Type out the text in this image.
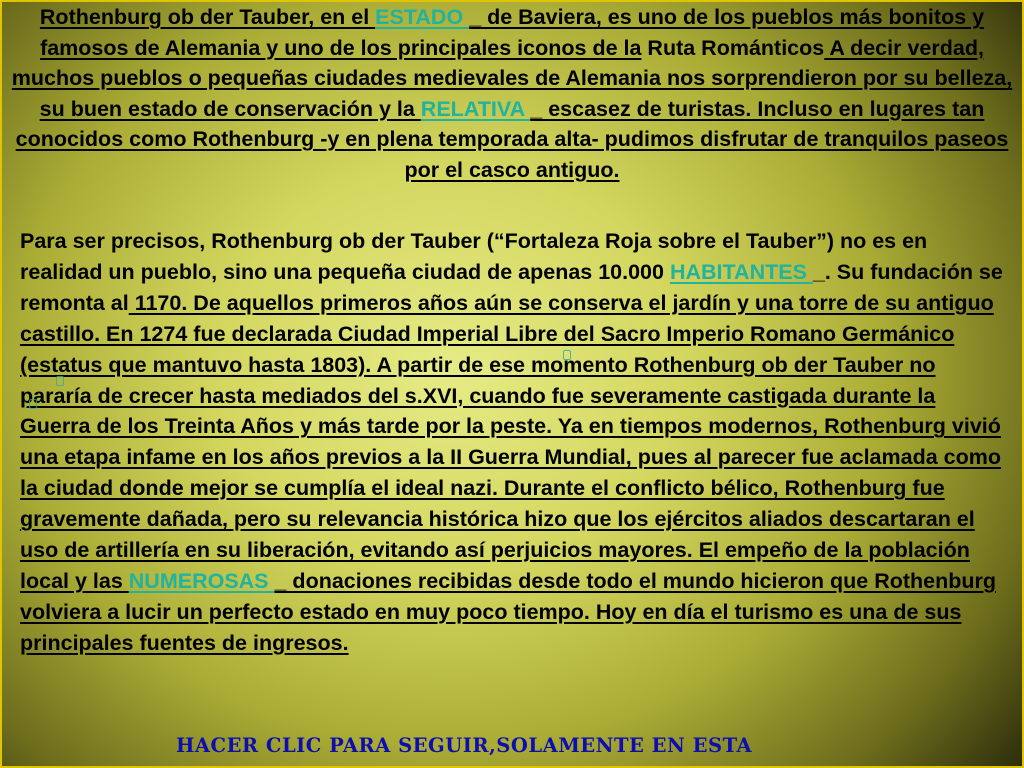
Rothenburg ob der Tauber, en el ESTADO _ de Baviera, es uno de los pueblos más bonitos y famosos de Alemania y uno de los principales iconos de la Ruta Románticos A decir verdad, muchos pueblos o pequeñas ciudades medievales de Alemania nos sorprendieron por su belleza, su buen estado de conservación y la RELATIVA _ escasez de turistas. Incluso en lugares tan conocidos como Rothenburg -y en plena temporada alta- pudimos disfrutar de tranquilos paseos por el casco antiguo.

Para ser precisos, Rothenburg ob der Tauber (“Fortaleza Roja sobre el Tauber”) no es en realidad un pueblo, sino una pequeña ciudad de apenas 10.000 HABITANTES _. Su fundación se remonta al 1170. De aquellos primeros años aún se conserva el jardín y una torre de su antiguo castillo. En 1274 fue declarada Ciudad Imperial Libre del Sacro Imperio Romano Germánico (estatus que mantuvo hasta 1803). A partir de ese momento Rothenburg ob der Tauber no pararía de crecer hasta mediados del s.XVI, cuando fue severamente castigada durante la Guerra de los Treinta Años y más tarde por la peste. Ya en tiempos modernos, Rothenburg vivió una etapa infame en los años previos a la II Guerra Mundial, pues al parecer fue aclamada como la ciudad donde mejor se cumplía el ideal nazi. Durante el conflicto bélico, Rothenburg fue gravemente dañada, pero su relevancia histórica hizo que los ejércitos aliados descartaran el uso de artillería en su liberación, evitando así perjuicios mayores. El empeño de la población local y las NUMEROSAS _ donaciones recibidas desde todo el mundo hicieron que Rothenburg volviera a lucir un perfecto estado en muy poco tiempo. Hoy en día el turismo es una de sus principales fuentes de ingresos.

HACER CLIC PARA SEGUIR,SOLAMENTE EN ESTA
